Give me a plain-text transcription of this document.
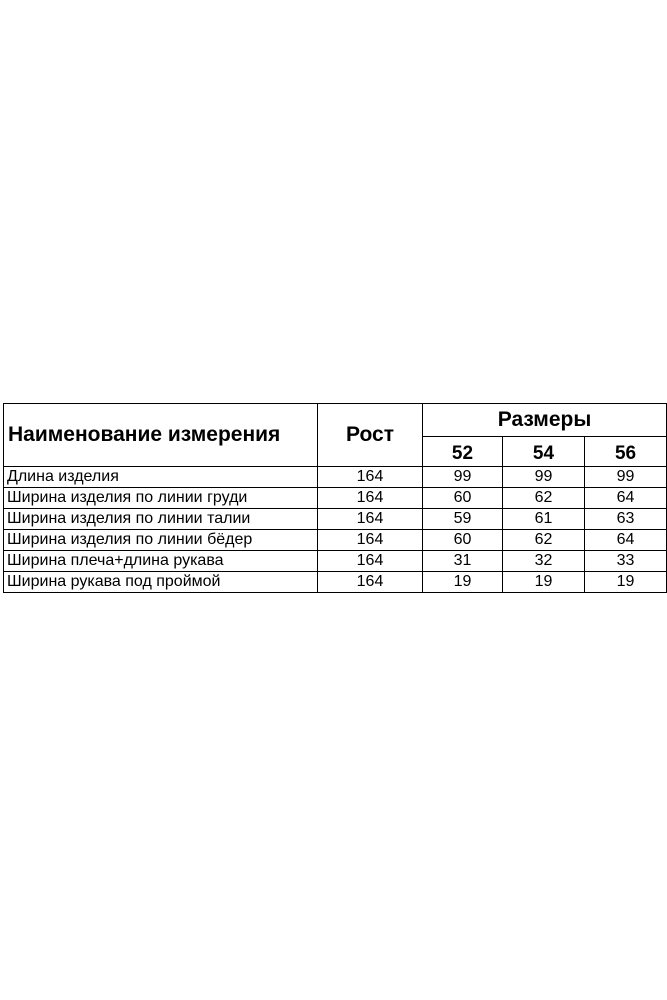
Наименование измерения	Рост	Размеры		
		52	54	56
Длина изделия	164	99	99	99
Ширина изделия по линии груди	164	60	62	64
Ширина изделия по линии талии	164	59	61	63
Ширина изделия по линии бёдер	164	60	62	64
Ширина плеча+длина рукава	164	31	32	33
Ширина рукава под проймой	164	19	19	19
